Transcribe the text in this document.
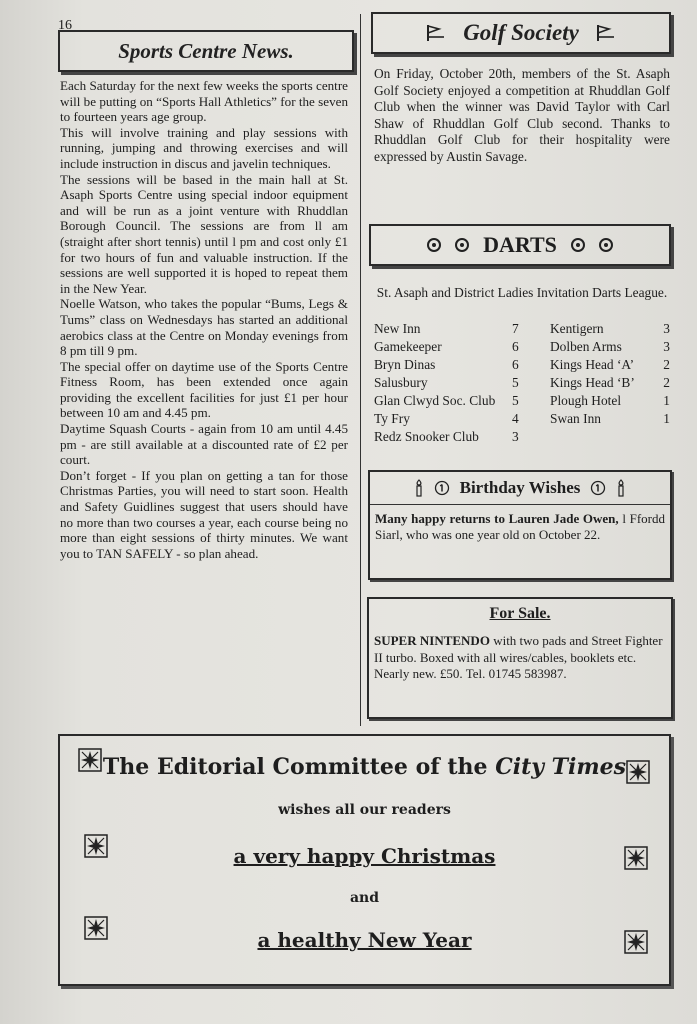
16
Sports Centre News.

Each Saturday for the next few weeks the sports centre will be putting on “Sports Hall Athletics” for the seven to fourteen years age group.

This will involve training and play sessions with running, jumping and throwing exercises and will include instruction in discus and javelin techniques.

The sessions will be based in the main hall at St. Asaph Sports Centre using special indoor equipment and will be run as a joint venture with Rhuddlan Borough Council. The sessions are from ll am (straight after short tennis) until l pm and cost only £1 for two hours of fun and valuable instruction. If the sessions are well supported it is hoped to repeat them in the New Year.

Noelle Watson, who takes the popular “Bums, Legs & Tums” class on Wednesdays has started an additional aerobics class at the Centre on Monday evenings from 8 pm till 9 pm.

The special offer on daytime use of the Sports Centre Fitness Room, has been extended once again providing the excellent facilities for just £1 per hour between 10 am and 4.45 pm.

Daytime Squash Courts - again from 10 am until 4.45 pm - are still available at a discounted rate of £2 per court.

Don’t forget - If you plan on getting a tan for those Christmas Parties, you will need to start soon. Health and Safety Guidlines suggest that users should have no more than two courses a year, each course being no more than eight sessions of thirty minutes. We want you to TAN SAFELY - so plan ahead.

Golf Society
On Friday, October 20th, members of the St. Asaph Golf Society enjoyed a competition at Rhuddlan Golf Club when the winner was David Taylor with Carl Shaw of Rhuddlan Golf Club second. Thanks to Rhuddlan Golf Club for their hospitality were expressed by Austin Savage.
DARTS
St. Asaph and District Ladies Invitation Darts League.
New Inn	7	Kentigern	3
Gamekeeper	6	Dolben Arms	3
Bryn Dinas	6	Kings Head ‘A’	2
Salusbury	5	Kings Head ‘B’	2
Glan Clwyd Soc. Club	5	Plough Hotel	1
Ty Fry	4	Swan Inn	1
Redz Snooker Club	3
Birthday Wishes
Many happy returns to Lauren Jade Owen, l Ffordd Siarl, who was one year old on October 22.
For Sale.
SUPER NINTENDO with two pads and Street Fighter II turbo. Boxed with all wires/cables, booklets etc. Nearly new. £50. Tel. 01745 583987.
The Editorial Committee of the City Times
wishes all our readers
a very happy Christmas
and
a healthy New Year
